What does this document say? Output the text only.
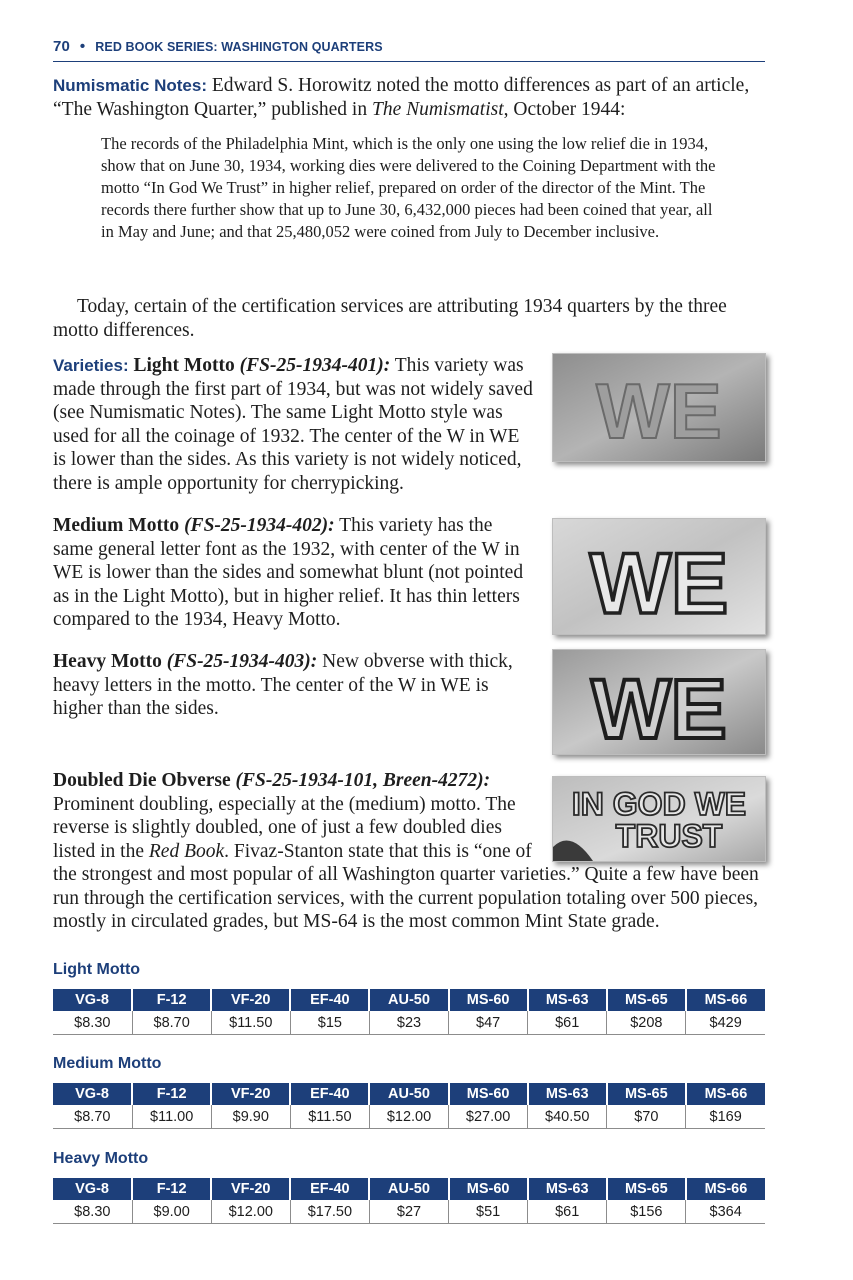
70 • RED BOOK SERIES: WASHINGTON QUARTERS

Numismatic Notes: Edward S. Horowitz noted the motto differences as part of an article, “The Washington Quarter,” published in The Numismatist, October 1944:

The records of the Philadelphia Mint, which is the only one using the low relief die in 1934, show that on June 30, 1934, working dies were delivered to the Coining Department with the motto “In God We Trust” in higher relief, prepared on order of the director of the Mint. The records there further show that up to June 30, 6,432,000 pieces had been coined that year, all in May and June; and that 25,480,052 were coined from July to December inclusive.

Today, certain of the certification services are attributing 1934 quarters by the three motto differences.

Varieties: Light Motto (FS-25-1934-401): This variety was made through the first part of 1934, but was not widely saved (see Numismatic Notes). The same Light Motto style was used for all the coinage of 1932. The center of the W in WE is lower than the sides. As this variety is not widely noticed, there is ample opportunity for cherrypicking.

Medium Motto (FS-25-1934-402): This variety has the same general letter font as the 1932, with center of the W in WE is lower than the sides and somewhat blunt (not pointed as in the Light Motto), but in higher relief. It has thin letters compared to the 1934, Heavy Motto.

Heavy Motto (FS-25-1934-403): New obverse with thick, heavy letters in the motto. The center of the W in WE is higher than the sides.

Doubled Die Obverse (FS-25-1934-101, Breen-4272): Prominent doubling, especially at the (medium) motto. The reverse is slightly doubled, one of just a few doubled dies listed in the Red Book. Fivaz-Stanton state that this is “one of the strongest and most popular of all Washington quarter varieties.” Quite a few have been run through the certification services, with the current population totaling over 500 pieces, mostly in circulated grades, but MS-64 is the most common Mint State grade.

WE
WE
WE
IN GOD WE
TRUST

Light Motto

VG-8	F-12	VF-20	EF-40	AU-50	MS-60	MS-63	MS-65	MS-66
$8.30	$8.70	$11.50	$15	$23	$47	$61	$208	$429

Medium Motto

VG-8	F-12	VF-20	EF-40	AU-50	MS-60	MS-63	MS-65	MS-66
$8.70	$11.00	$9.90	$11.50	$12.00	$27.00	$40.50	$70	$169

Heavy Motto

VG-8	F-12	VF-20	EF-40	AU-50	MS-60	MS-63	MS-65	MS-66
$8.30	$9.00	$12.00	$17.50	$27	$51	$61	$156	$364
